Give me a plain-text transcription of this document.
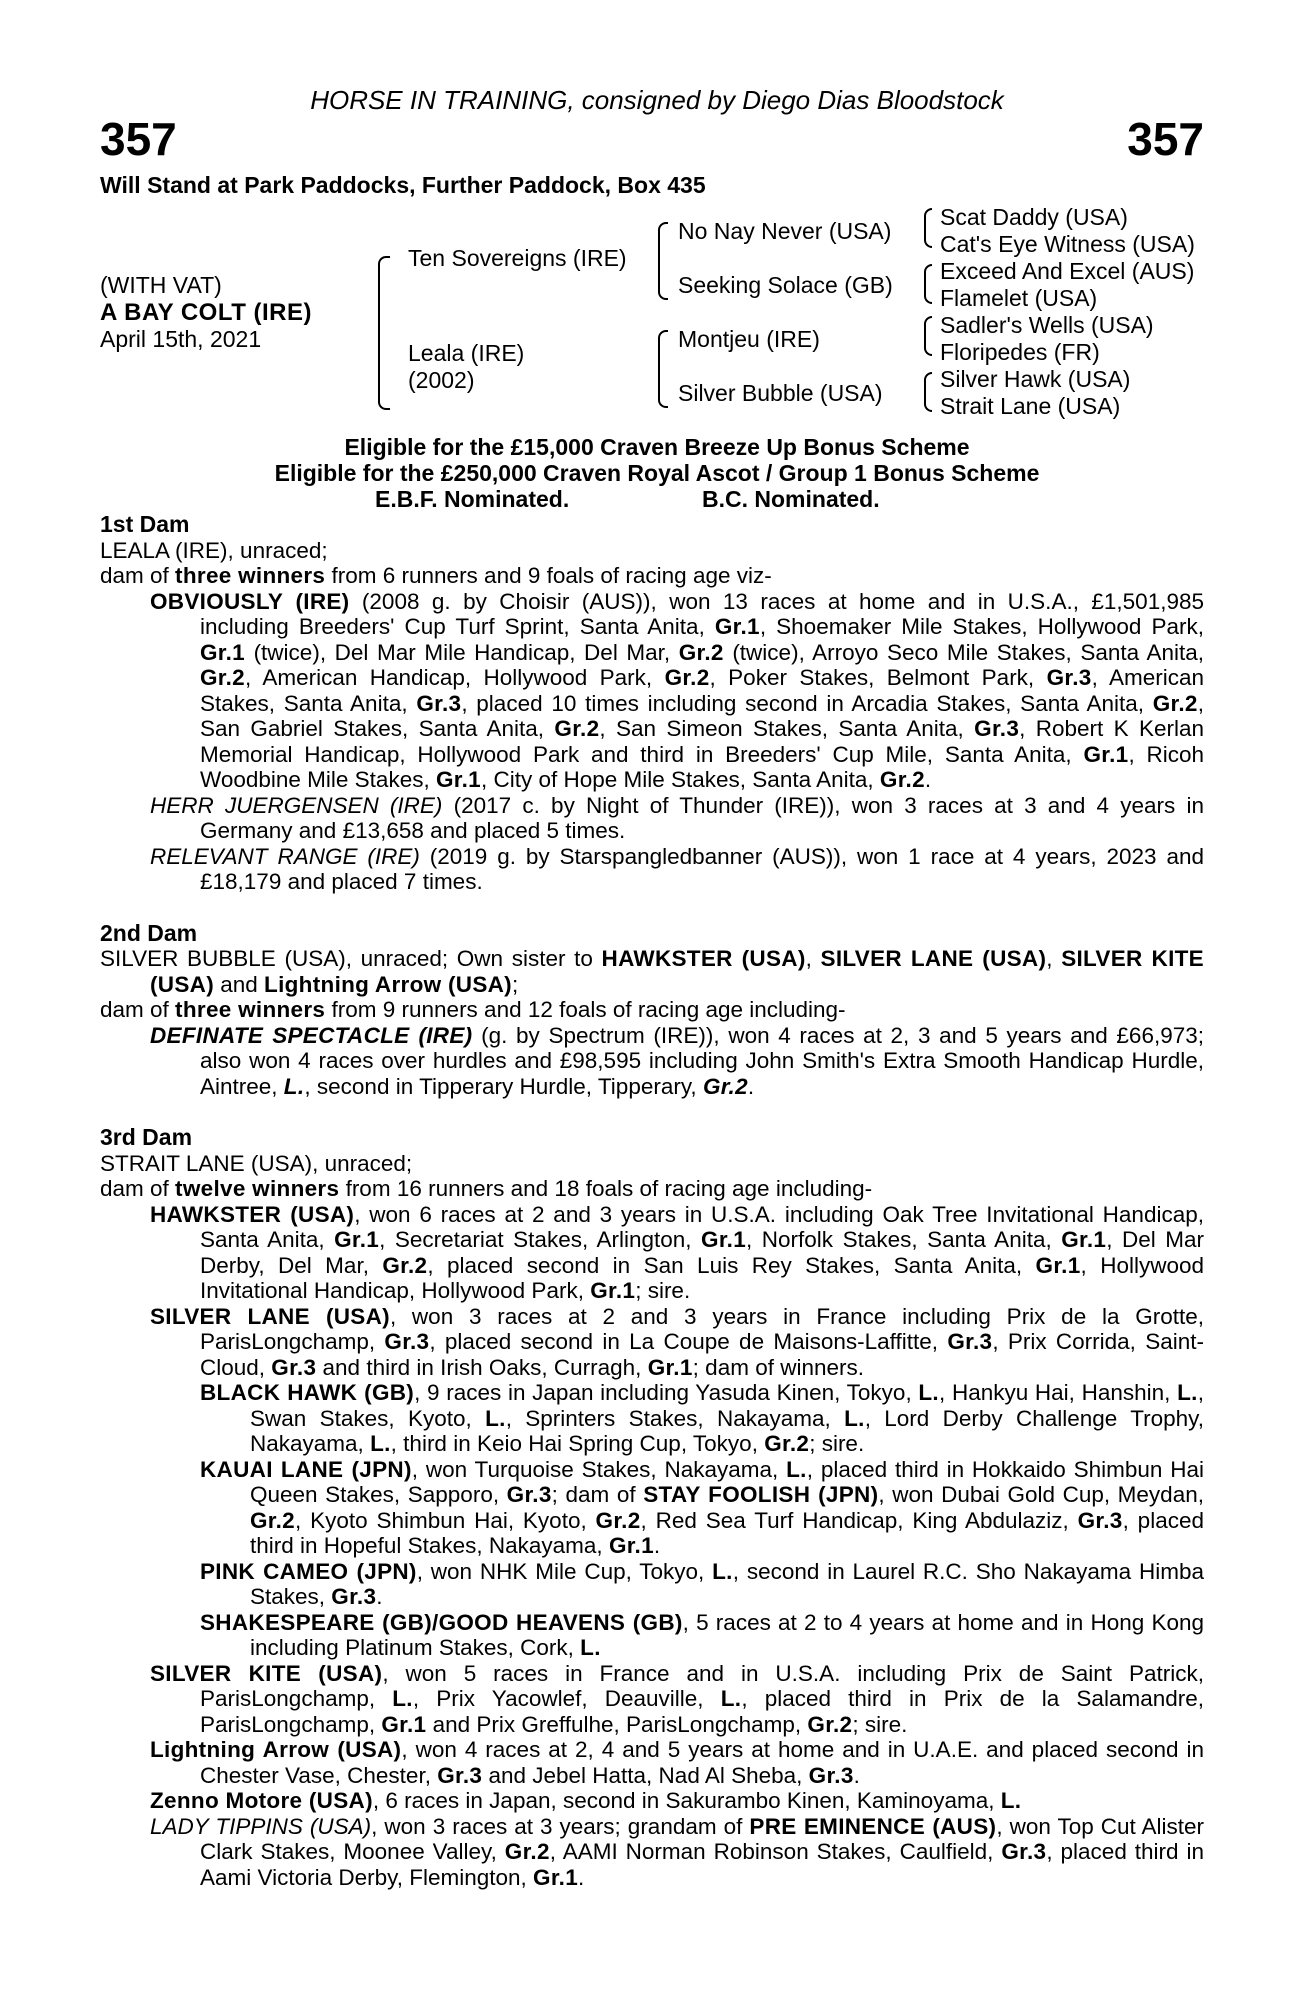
HORSE IN TRAINING, consigned by Diego Dias Bloodstock
357	357
Will Stand at Park Paddocks, Further Paddock, Box 435
(WITH VAT)
A BAY COLT (IRE)
April 15th, 2021
Ten Sovereigns (IRE)
Leala (IRE)
(2002)
No Nay Never (USA)
Seeking Solace (GB)
Montjeu (IRE)
Silver Bubble (USA)
Scat Daddy (USA)
Cat's Eye Witness (USA)
Exceed And Excel (AUS)
Flamelet (USA)
Sadler's Wells (USA)
Floripedes (FR)
Silver Hawk (USA)
Strait Lane (USA)
Eligible for the £15,000 Craven Breeze Up Bonus Scheme
Eligible for the £250,000 Craven Royal Ascot / Group 1 Bonus Scheme
E.B.F. Nominated.	B.C. Nominated.

1st Dam

LEALA (IRE), unraced;

dam of three winners from 6 runners and 9 foals of racing age viz-

OBVIOUSLY (IRE) (2008 g. by Choisir (AUS)), won 13 races at home and in U.S.A., £1,501,985 including Breeders' Cup Turf Sprint, Santa Anita, Gr.1, Shoemaker Mile Stakes, Hollywood Park, Gr.1 (twice), Del Mar Mile Handicap, Del Mar, Gr.2 (twice), Arroyo Seco Mile Stakes, Santa Anita, Gr.2, American Handicap, Hollywood Park, Gr.2, Poker Stakes, Belmont Park, Gr.3, American Stakes, Santa Anita, Gr.3, placed 10 times including second in Arcadia Stakes, Santa Anita, Gr.2, San Gabriel Stakes, Santa Anita, Gr.2, San Simeon Stakes, Santa Anita, Gr.3, Robert K Kerlan Memorial Handicap, Hollywood Park and third in Breeders' Cup Mile, Santa Anita, Gr.1, Ricoh Woodbine Mile Stakes, Gr.1, City of Hope Mile Stakes, Santa Anita, Gr.2.

HERR JUERGENSEN (IRE) (2017 c. by Night of Thunder (IRE)), won 3 races at 3 and 4 years in Germany and £13,658 and placed 5 times.

RELEVANT RANGE (IRE) (2019 g. by Starspangledbanner (AUS)), won 1 race at 4 years, 2023 and £18,179 and placed 7 times.

2nd Dam

SILVER BUBBLE (USA), unraced; Own sister to HAWKSTER (USA), SILVER LANE (USA), SILVER KITE (USA) and Lightning Arrow (USA);

dam of three winners from 9 runners and 12 foals of racing age including-

DEFINATE SPECTACLE (IRE) (g. by Spectrum (IRE)), won 4 races at 2, 3 and 5 years and £66,973; also won 4 races over hurdles and £98,595 including John Smith's Extra Smooth Handicap Hurdle, Aintree, L., second in Tipperary Hurdle, Tipperary, Gr.2.

3rd Dam

STRAIT LANE (USA), unraced;

dam of twelve winners from 16 runners and 18 foals of racing age including-

HAWKSTER (USA), won 6 races at 2 and 3 years in U.S.A. including Oak Tree Invitational Handicap, Santa Anita, Gr.1, Secretariat Stakes, Arlington, Gr.1, Norfolk Stakes, Santa Anita, Gr.1, Del Mar Derby, Del Mar, Gr.2, placed second in San Luis Rey Stakes, Santa Anita, Gr.1, Hollywood Invitational Handicap, Hollywood Park, Gr.1; sire.

SILVER LANE (USA), won 3 races at 2 and 3 years in France including Prix de la Grotte, ParisLongchamp, Gr.3, placed second in La Coupe de Maisons-Laffitte, Gr.3, Prix Corrida, Saint-Cloud, Gr.3 and third in Irish Oaks, Curragh, Gr.1; dam of winners.

BLACK HAWK (GB), 9 races in Japan including Yasuda Kinen, Tokyo, L., Hankyu Hai, Hanshin, L., Swan Stakes, Kyoto, L., Sprinters Stakes, Nakayama, L., Lord Derby Challenge Trophy, Nakayama, L., third in Keio Hai Spring Cup, Tokyo, Gr.2; sire.

KAUAI LANE (JPN), won Turquoise Stakes, Nakayama, L., placed third in Hokkaido Shimbun Hai Queen Stakes, Sapporo, Gr.3; dam of STAY FOOLISH (JPN), won Dubai Gold Cup, Meydan, Gr.2, Kyoto Shimbun Hai, Kyoto, Gr.2, Red Sea Turf Handicap, King Abdulaziz, Gr.3, placed third in Hopeful Stakes, Nakayama, Gr.1.

PINK CAMEO (JPN), won NHK Mile Cup, Tokyo, L., second in Laurel R.C. Sho Nakayama Himba Stakes, Gr.3.

SHAKESPEARE (GB)/GOOD HEAVENS (GB), 5 races at 2 to 4 years at home and in Hong Kong including Platinum Stakes, Cork, L.

SILVER KITE (USA), won 5 races in France and in U.S.A. including Prix de Saint Patrick, ParisLongchamp, L., Prix Yacowlef, Deauville, L., placed third in Prix de la Salamandre, ParisLongchamp, Gr.1 and Prix Greffulhe, ParisLongchamp, Gr.2; sire.

Lightning Arrow (USA), won 4 races at 2, 4 and 5 years at home and in U.A.E. and placed second in Chester Vase, Chester, Gr.3 and Jebel Hatta, Nad Al Sheba, Gr.3.

Zenno Motore (USA), 6 races in Japan, second in Sakurambo Kinen, Kaminoyama, L.

LADY TIPPINS (USA), won 3 races at 3 years; grandam of PRE EMINENCE (AUS), won Top Cut Alister Clark Stakes, Moonee Valley, Gr.2, AAMI Norman Robinson Stakes, Caulfield, Gr.3, placed third in Aami Victoria Derby, Flemington, Gr.1.
